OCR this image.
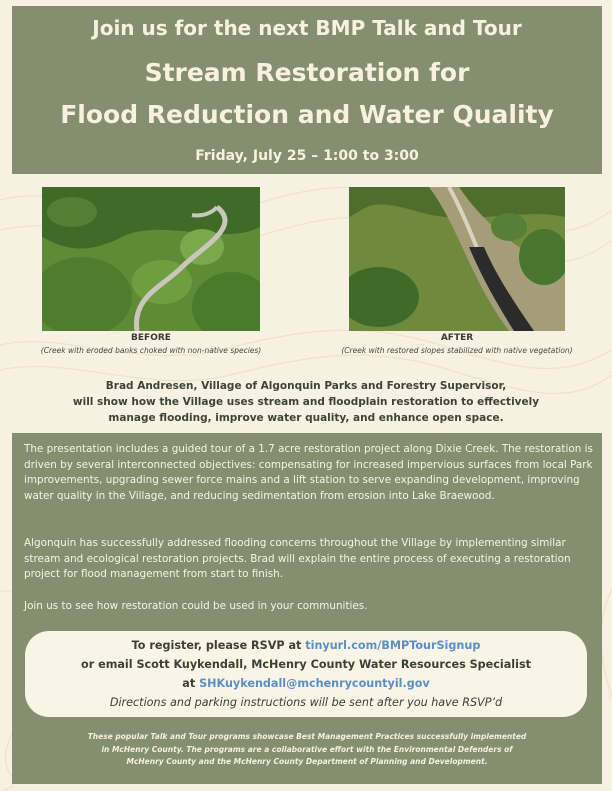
Join us for the next BMP Talk and Tour
Stream Restoration for
Flood Reduction and Water Quality
Friday, July 25 – 1:00 to 3:00
BEFORE
(Creek with eroded banks choked with non-native species)
AFTER
(Creek with restored slopes stabilized with native vegetation)
Brad Andresen, Village of Algonquin Parks and Forestry Supervisor,
will show how the Village uses stream and floodplain restoration to effectively
manage flooding, improve water quality, and enhance open space.

The presentation includes a guided tour of a 1.7 acre restoration project along Dixie Creek. The restoration is driven by several interconnected objectives: compensating for increased impervious surfaces from local Park improvements, upgrading sewer force mains and a lift station to serve expanding development, improving water quality in the Village, and reducing sedimentation from erosion into Lake Braewood.

Algonquin has successfully addressed flooding concerns throughout the Village by implementing similar stream and ecological restoration projects. Brad will explain the entire process of executing a restoration project for flood management from start to finish.

Join us to see how restoration could be used in your communities.

To register, please RSVP at tinyurl.com/BMPTourSignup
or email Scott Kuykendall, McHenry County Water Resources Specialist
at SHKuykendall@mchenrycountyil.gov
Directions and parking instructions will be sent after you have RSVP’d
These popular Talk and Tour programs showcase Best Management Practices successfully implemented
in McHenry County. The programs are a collaborative effort with the Environmental Defenders of
McHenry County and the McHenry County Department of Planning and Development.
